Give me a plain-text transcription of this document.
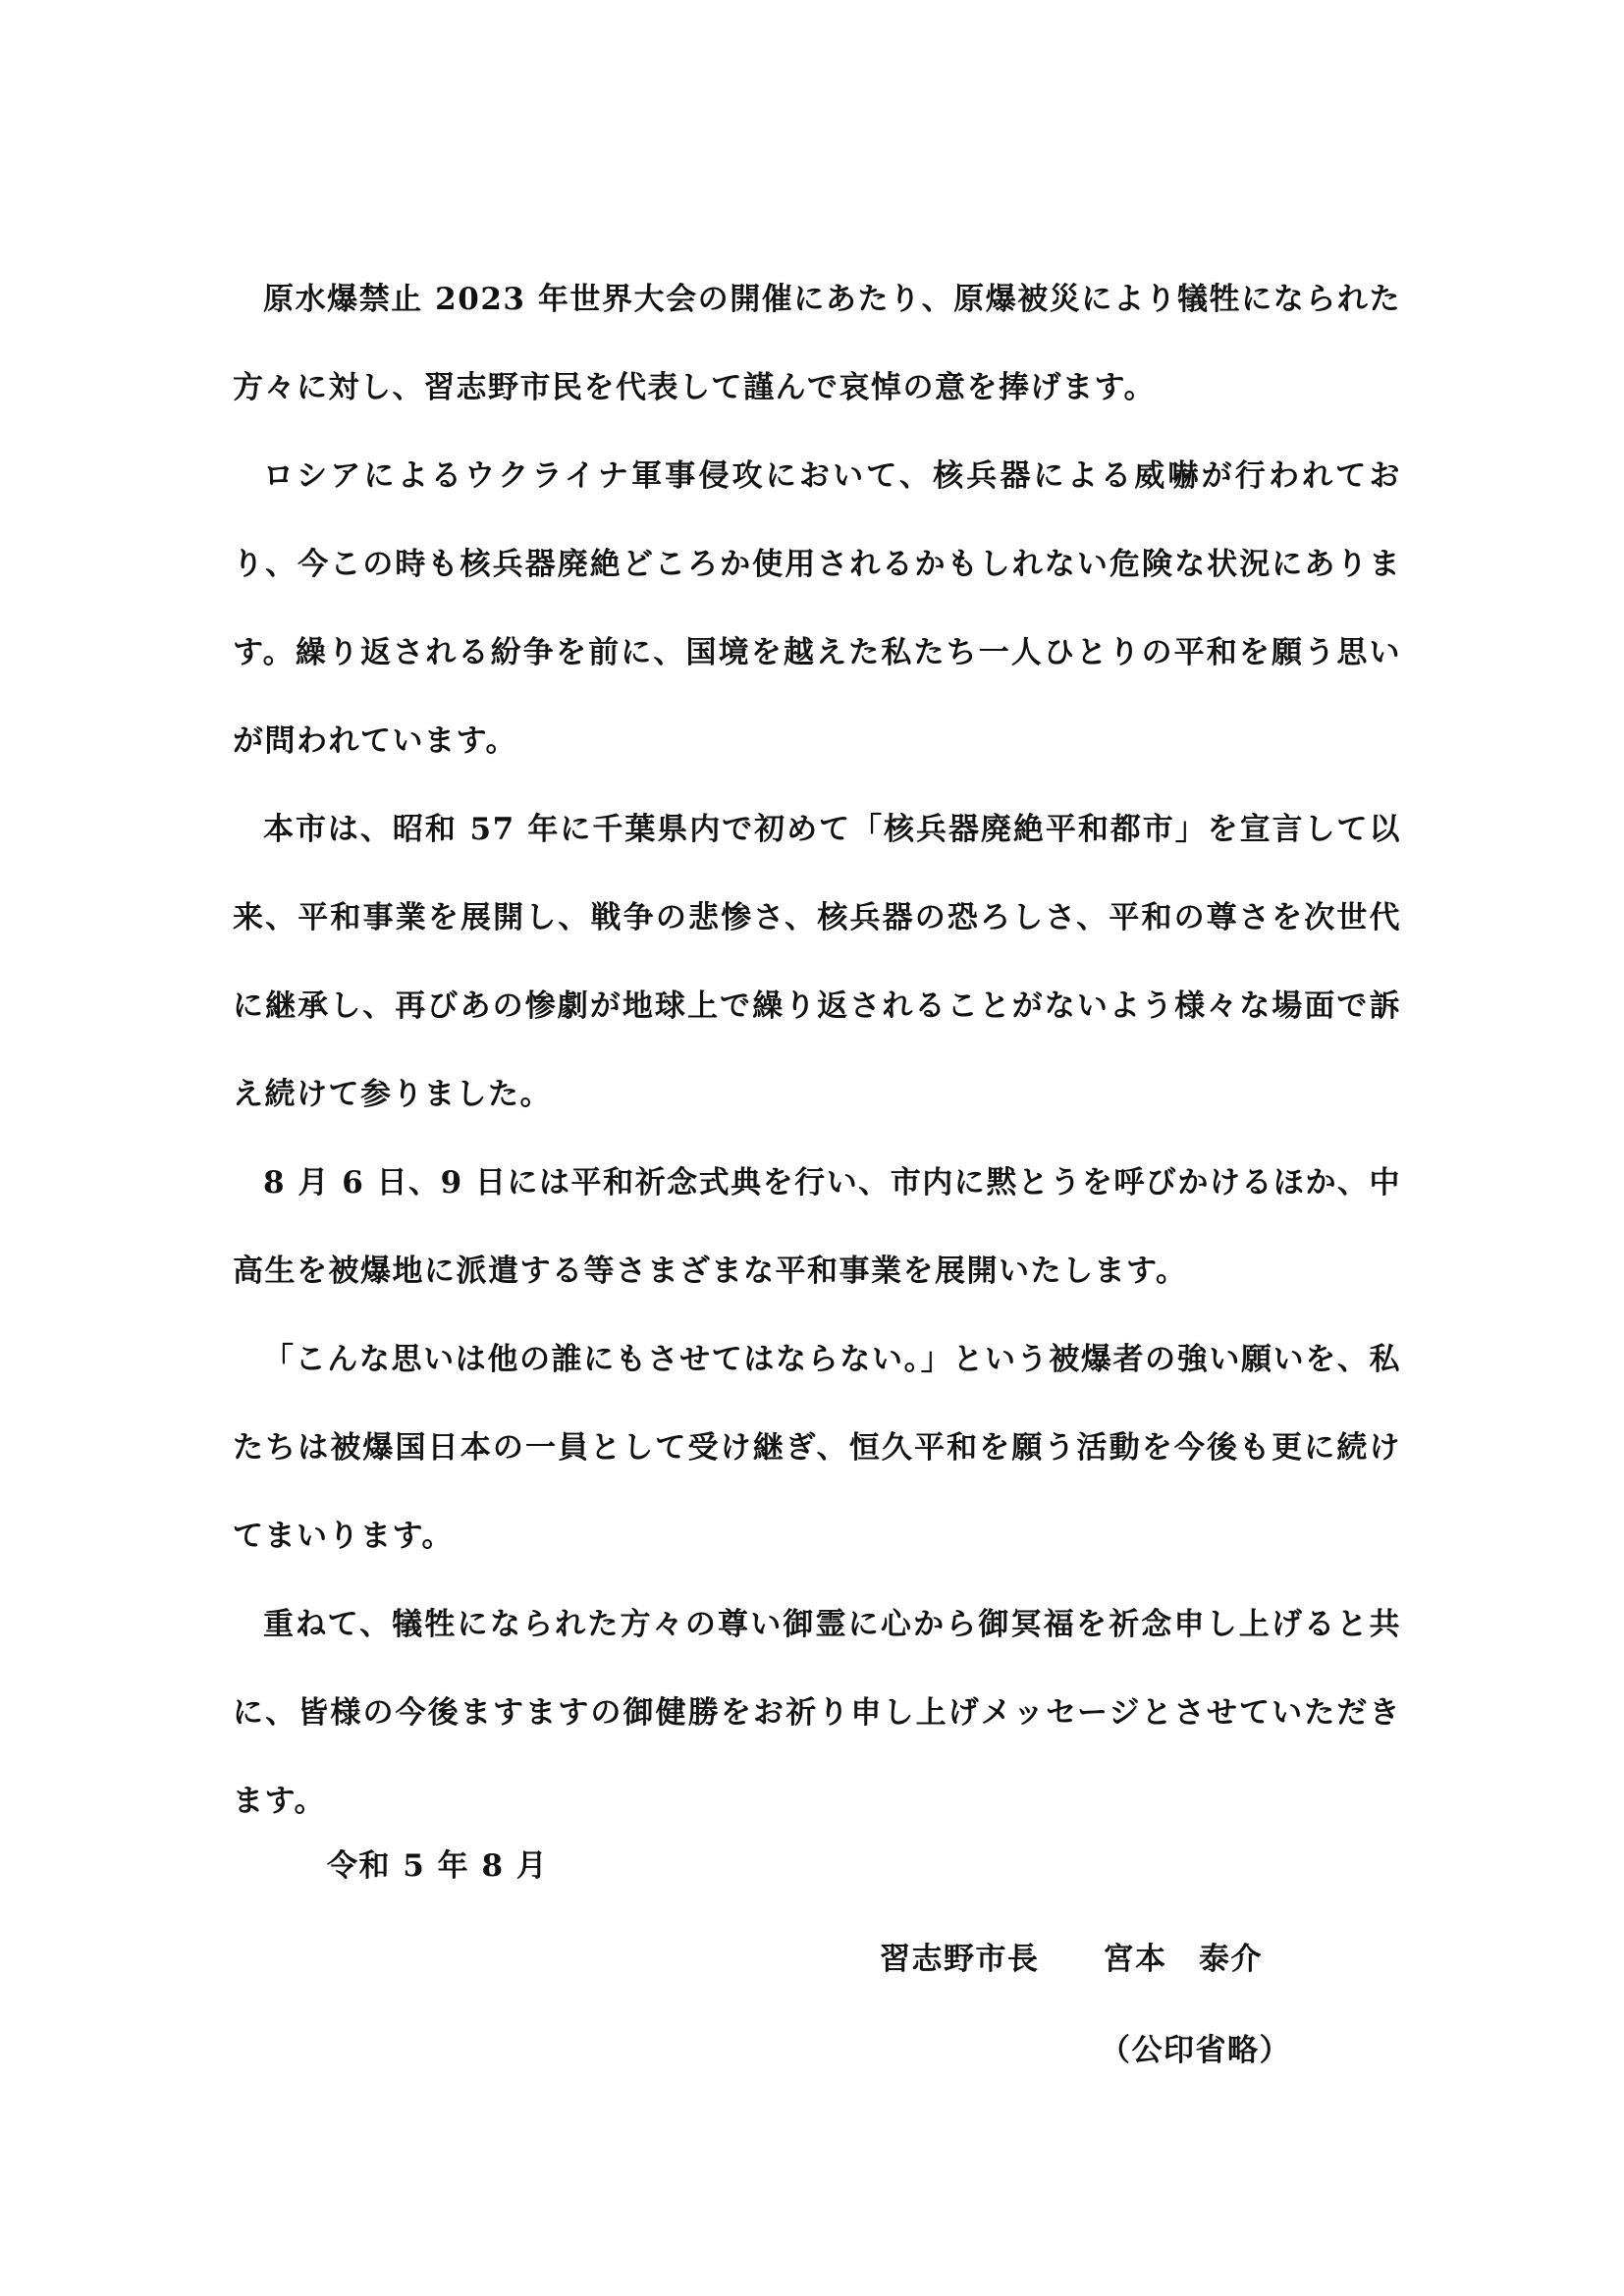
原水爆禁止 2023 年世界大会の開催にあたり、原爆被災により犠牲になられた方々に対し、習志野市民を代表して謹んで哀悼の意を捧げます。

ロシアによるウクライナ軍事侵攻において、核兵器による威嚇が行われており、今この時も核兵器廃絶どころか使用されるかもしれない危険な状況にあります。繰り返される紛争を前に、国境を越えた私たち一人ひとりの平和を願う思いが問われています。

本市は、昭和 57 年に千葉県内で初めて「核兵器廃絶平和都市」を宣言して以来、平和事業を展開し、戦争の悲惨さ、核兵器の恐ろしさ、平和の尊さを次世代に継承し、再びあの惨劇が地球上で繰り返されることがないよう様々な場面で訴え続けて参りました。

8 月 6 日、9 日には平和祈念式典を行い、市内に黙とうを呼びかけるほか、中高生を被爆地に派遣する等さまざまな平和事業を展開いたします。

「こんな思いは他の誰にもさせてはならない。」という被爆者の強い願いを、私たちは被爆国日本の一員として受け継ぎ、恒久平和を願う活動を今後も更に続けてまいります。

重ねて、犠牲になられた方々の尊い御霊に心から御冥福を祈念申し上げると共に、皆様の今後ますますの御健勝をお祈り申し上げメッセージとさせていただきます。

令和 5 年 8 月
習志野市長　　宮本　泰介
（公印省略）
